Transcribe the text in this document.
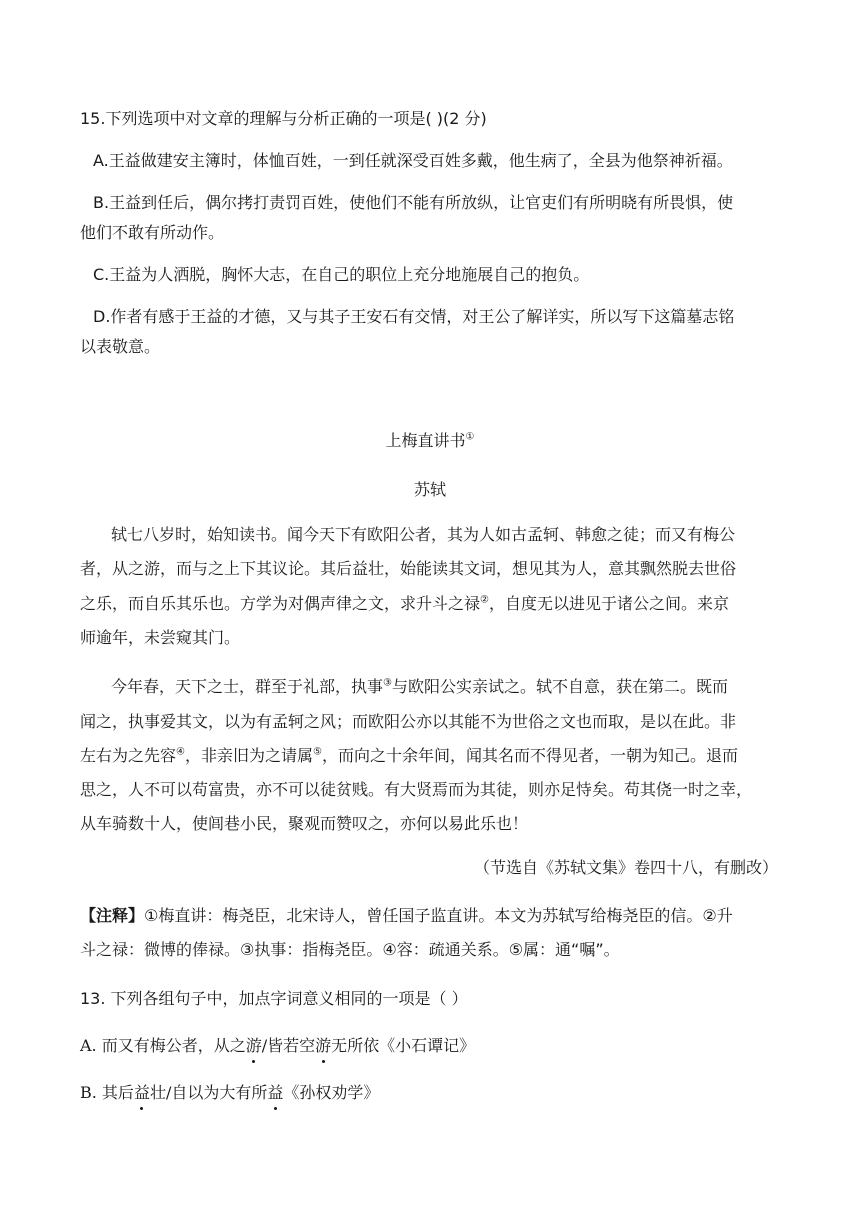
15.下列选项中对文章的理解与分析正确的一项是( )(2 分)
A.王益做建安主簿时，体恤百姓，一到任就深受百姓多戴，他生病了，全县为他祭神祈福。
B.王益到任后，偶尔拷打责罚百姓，使他们不能有所放纵，让官吏们有所明晓有所畏惧，使
他们不敢有所动作。
C.王益为人洒脱，胸怀大志，在自己的职位上充分地施展自己的抱负。
D.作者有感于王益的才德，又与其子王安石有交情，对王公了解详实，所以写下这篇墓志铭
以表敬意。
上梅直讲书①
苏轼
轼七八岁时，始知读书。闻今天下有欧阳公者，其为人如古孟轲、韩愈之徒；而又有梅公
者，从之游，而与之上下其议论。其后益壮，始能读其文词，想见其为人，意其飘然脱去世俗
之乐，而自乐其乐也。方学为对偶声律之文，求升斗之禄②，自度无以进见于诸公之间。来京
师逾年，未尝窥其门。
今年春，天下之士，群至于礼部，执事③与欧阳公实亲试之。轼不自意，获在第二。既而
闻之，执事爱其文，以为有孟轲之风；而欧阳公亦以其能不为世俗之文也而取，是以在此。非
左右为之先容④，非亲旧为之请属⑤，而向之十余年间，闻其名而不得见者，一朝为知己。退而
思之，人不可以苟富贵，亦不可以徒贫贱。有大贤焉而为其徒，则亦足恃矣。苟其侥一时之幸，
从车骑数十人，使闾巷小民，聚观而赞叹之，亦何以易此乐也！
（节选自《苏轼文集》卷四十八，有删改）
【注释】①梅直讲：梅尧臣，北宋诗人，曾任国子监直讲。本文为苏轼写给梅尧臣的信。②升
斗之禄：微博的俸禄。③执事：指梅尧臣。④容：疏通关系。⑤属：通“嘱”。
13. 下列各组句子中，加点字词意义相同的一项是（ ）
A. 而又有梅公者，从之游/皆若空游无所依《小石谭记》
B. 其后益壮/自以为大有所益《孙权劝学》
